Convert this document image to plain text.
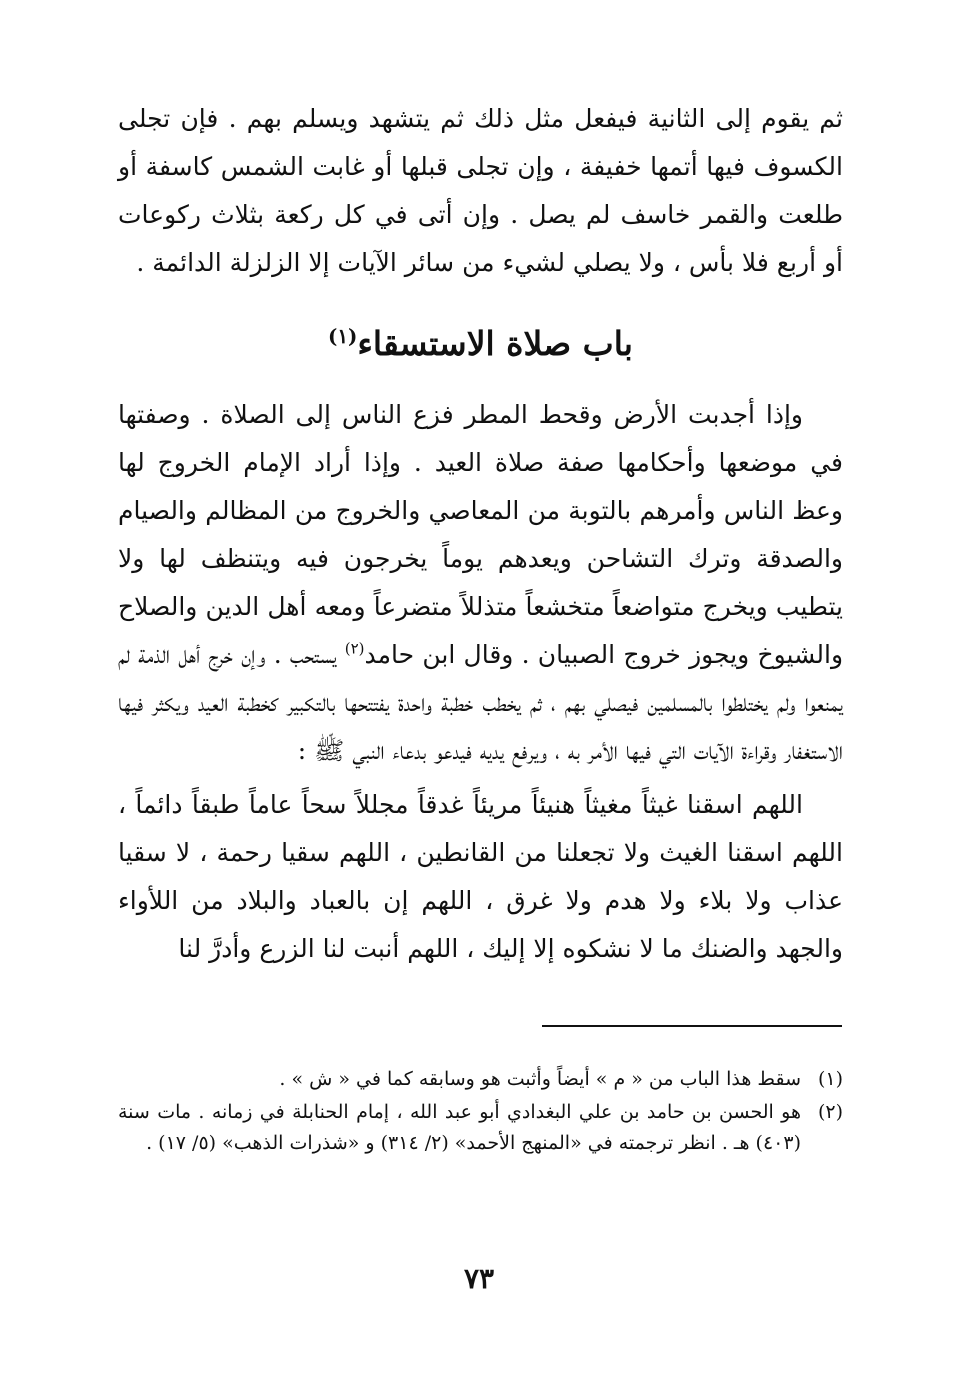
ثم يقوم إلى الثانية فيفعل مثل ذلك ثم يتشهد ويسلم بهم . فإن تجلى الكسوف فيها أتمها خفيفة ، وإن تجلى قبلها أو غابت الشمس كاسفة أو طلعت والقمر خاسف لم يصل . وإن أتى في كل ركعة بثلاث ركوعات أو أربع فلا بأس ، ولا يصلي لشيء من سائر الآيات إلا الزلزلة الدائمة .

باب صلاة الاستسقاء$^{(١)}$

وإذا أجدبت الأرض وقحط المطر فزع الناس إلى الصلاة . وصفتها في موضعها وأحكامها صفة صلاة العيد . وإذا أراد الإمام الخروج لها وعظ الناس وأمرهم بالتوبة من المعاصي والخروج من المظالم والصيام والصدقة وترك التشاحن ويعدهم يوماً يخرجون فيه ويتنظف لها ولا يتطيب ويخرج متواضعاً متخشعاً متذللاً متضرعاً ومعه أهل الدين والصلاح والشيوخ ويجوز خروج الصبيان . وقال ابن حامد$^{(٢)}$ يستحب . وإن خرج أهل الذمة لم يمنعوا ولم يختلطوا بالمسلمين فيصلي بهم ، ثم يخطب خطبة واحدة يفتتحها بالتكبير كخطبة العيد ويكثر فيها الاستغفار وقراءة الآيات التي فيها الأمر به ، ويرفع يديه فيدعو بدعاء النبي ﷺ :

اللهم اسقنا غيثاً مغيثاً هنيئاً مريئاً غدقاً مجللاً سحاً عاماً طبقاً دائماً ، اللهم اسقنا الغيث ولا تجعلنا من القانطين ، اللهم سقيا رحمة ، لا سقيا عذاب ولا بلاء ولا هدم ولا غرق ، اللهم إن بالعباد والبلاد من اللأواء والجهد والضنك ما لا نشكوه إلا إليك ، اللهم أنبت لنا الزرع وأدرَّ لنا

(١)
سقط هذا الباب من « م » أيضاً وأثبت هو وسابقه كما في « ش » .
(٢)
هو الحسن بن حامد بن علي البغدادي أبو عبد الله ، إمام الحنابلة في زمانه . مات سنة (٤٠٣) هـ . انظر ترجمته في «المنهج الأحمد» (٢/ ٣١٤) و «شذرات الذهب» (٥/ ١٧) .
٧٣
